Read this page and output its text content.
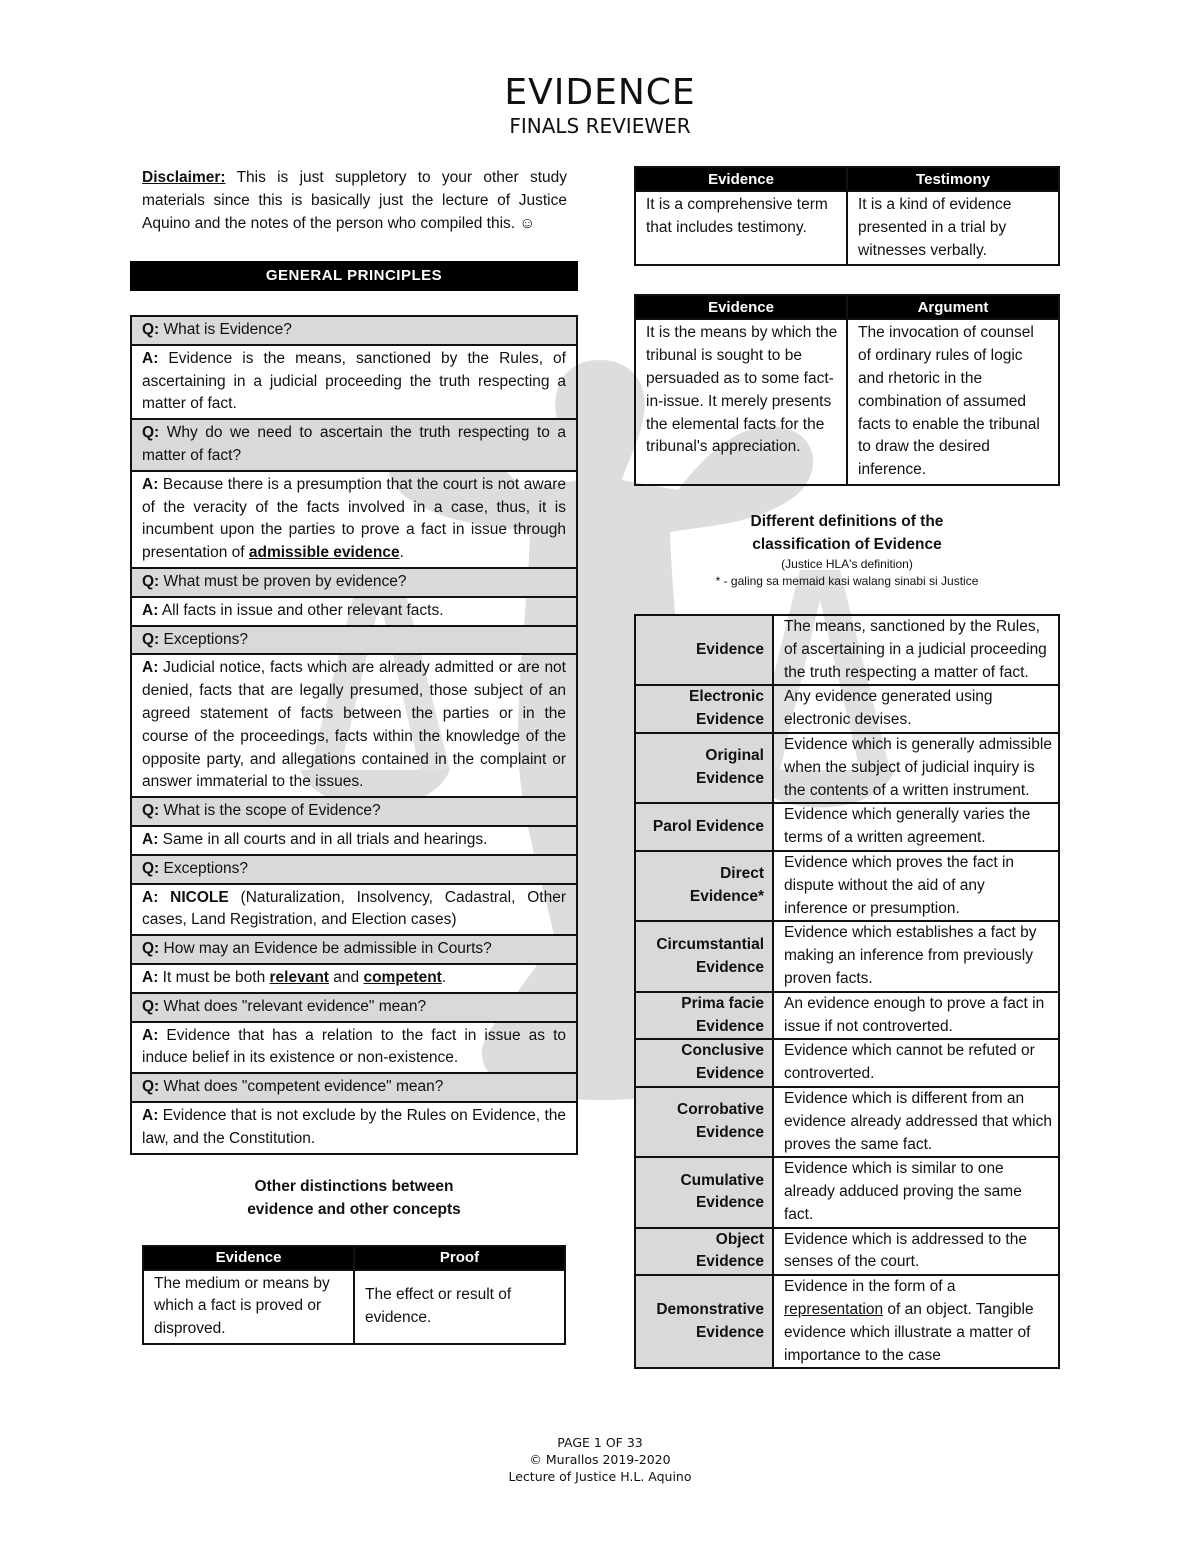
EVIDENCE
FINALS REVIEWER
Disclaimer: This is just suppletory to your other study materials since this is basically just the lecture of Justice Aquino and the notes of the person who compiled this. ☺
GENERAL PRINCIPLES
Q: What is Evidence?
A: Evidence is the means, sanctioned by the Rules, of ascertaining in a judicial proceeding the truth respecting a matter of fact.
Q: Why do we need to ascertain the truth respecting to a matter of fact?
A: Because there is a presumption that the court is not aware of the veracity of the facts involved in a case, thus, it is incumbent upon the parties to prove a fact in issue through presentation of admissible evidence.
Q: What must be proven by evidence?
A: All facts in issue and other relevant facts.
Q: Exceptions?
A: Judicial notice, facts which are already admitted or are not denied, facts that are legally presumed, those subject of an agreed statement of facts between the parties or in the course of the proceedings, facts within the knowledge of the opposite party, and allegations contained in the complaint or answer immaterial to the issues.
Q: What is the scope of Evidence?
A: Same in all courts and in all trials and hearings.
Q: Exceptions?
A: NICOLE (Naturalization, Insolvency, Cadastral, Other cases, Land Registration, and Election cases)
Q: How may an Evidence be admissible in Courts?
A: It must be both relevant and competent.
Q: What does "relevant evidence" mean?
A: Evidence that has a relation to the fact in issue as to induce belief in its existence or non-existence.
Q: What does "competent evidence" mean?
A: Evidence that is not exclude by the Rules on Evidence, the law, and the Constitution.
Other distinctions between
evidence and other concepts
Evidence	Proof
The medium or means by which a fact is proved or disproved.	The effect or result of evidence.
Evidence	Testimony
It is a comprehensive term that includes testimony.	It is a kind of evidence presented in a trial by witnesses verbally.
Evidence	Argument
It is the means by which the tribunal is sought to be persuaded as to some fact-in-issue. It merely presents the elemental facts for the tribunal's appreciation.	The invocation of counsel of ordinary rules of logic and rhetoric in the combination of assumed facts to enable the tribunal to draw the desired inference.
Different definitions of the
classification of Evidence
(Justice HLA's definition)
* - galing sa memaid kasi walang sinabi si Justice
Evidence	The means, sanctioned by the Rules, of ascertaining in a judicial proceeding the truth respecting a matter of fact.
Electronic Evidence	Any evidence generated using electronic devises.
Original Evidence	Evidence which is generally admissible when the subject of judicial inquiry is the contents of a written instrument.
Parol Evidence	Evidence which generally varies the terms of a written agreement.
Direct Evidence*	Evidence which proves the fact in dispute without the aid of any inference or presumption.
Circumstantial Evidence	Evidence which establishes a fact by making an inference from previously proven facts.
Prima facie Evidence	An evidence enough to prove a fact in issue if not controverted.
Conclusive Evidence	Evidence which cannot be refuted or controverted.
Corrobative Evidence	Evidence which is different from an evidence already addressed that which proves the same fact.
Cumulative Evidence	Evidence which is similar to one already adduced proving the same fact.
Object Evidence	Evidence which is addressed to the senses of the court.
Demonstrative Evidence	Evidence in the form of a representation of an object. Tangible evidence which illustrate a matter of importance to the case
PAGE 1 OF 33
© Murallos 2019-2020
Lecture of Justice H.L. Aquino
